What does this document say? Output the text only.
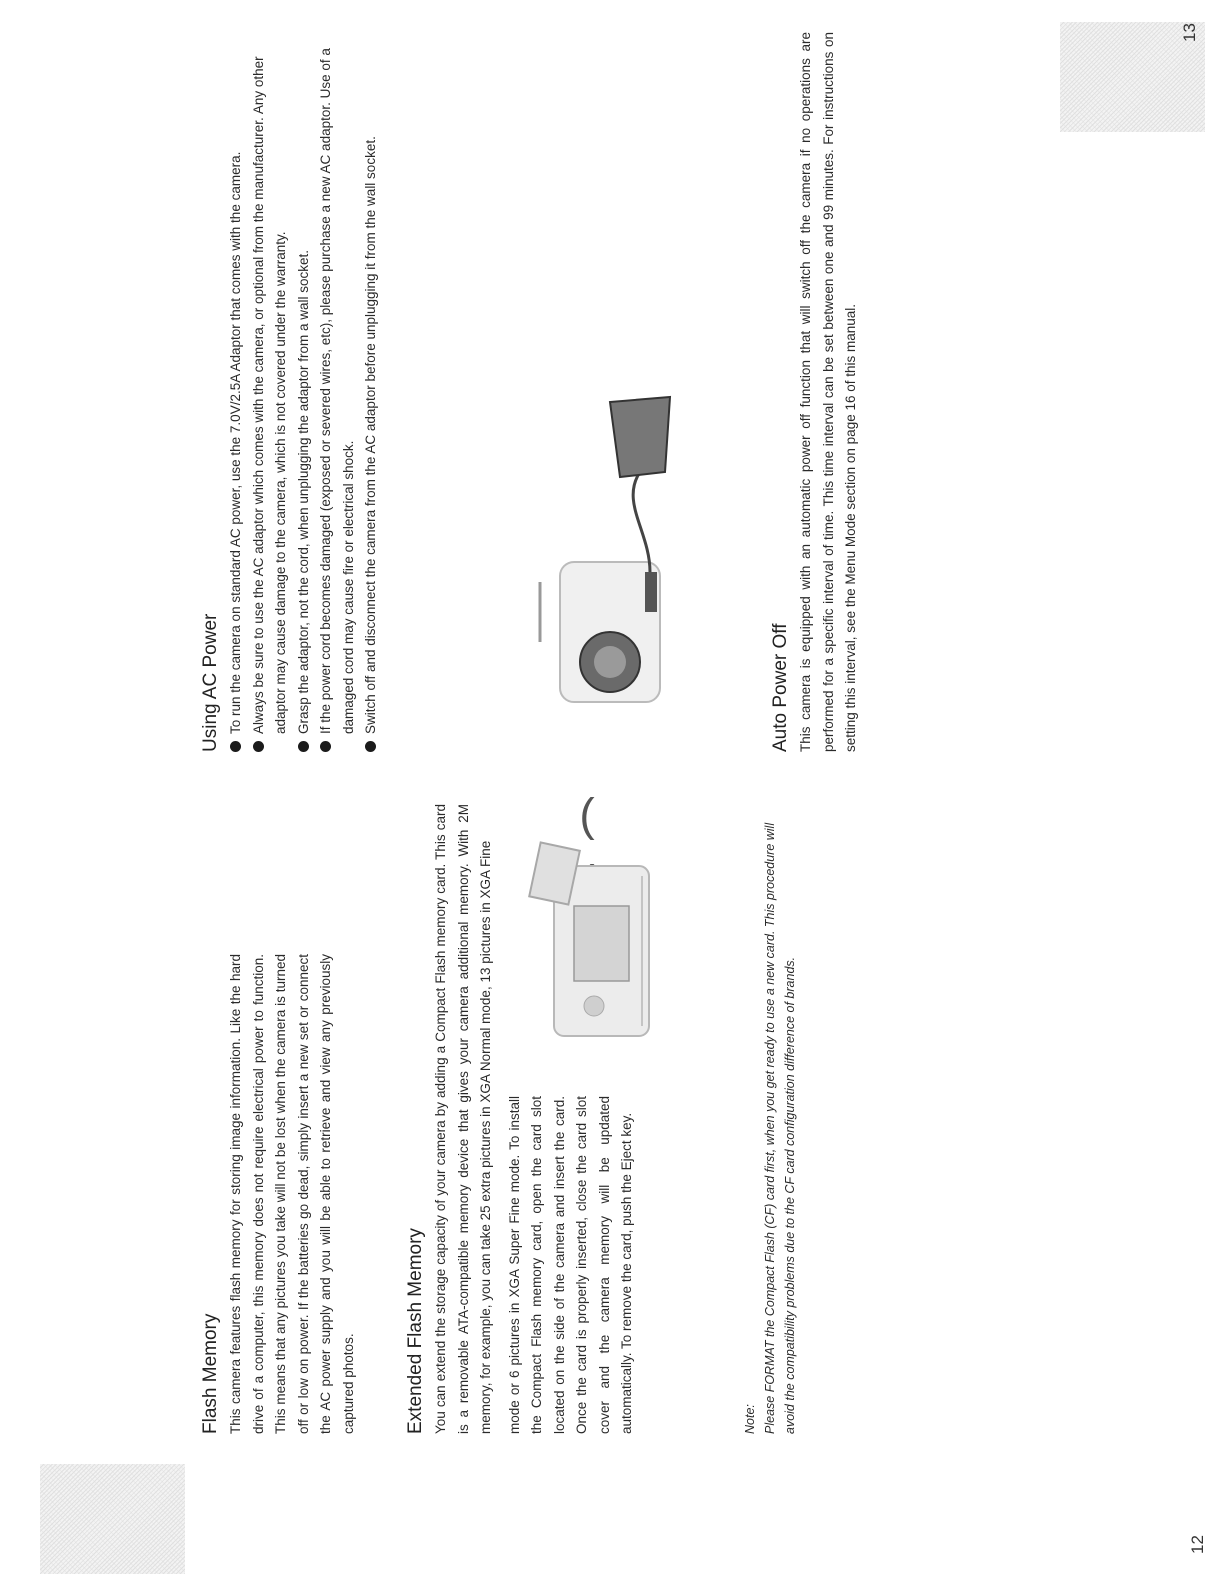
12
Flash Memory This camera features flash memory for storing image information. Like the hard drive of a computer, this memory does not require electrical power to function. This means that any pictures you take will not be lost when the camera is turned off or low on power. If the batteries go dead, simply insert a new set or connect the AC power supply and you will be able to retrieve and view any previously captured photos.	Extended Flash Memory You can extend the storage capacity of your camera by adding a Compact Flash memory card. This card is a removable ATA-compatible memory device that gives your camera additional memory. With 2M memory, for example, you can take 25 extra pictures in XGA Normal mode, 13 pictures in XGA Fine	mode or 6 pictures in XGA Super Fine mode. To install the Compact Flash memory card, open the card slot located on the side of the camera and insert the card. Once the card is properly inserted, close the card slot cover and the camera memory will be updated automatically. To remove the card, push the Eject key.	Note: Please FORMAT the Compact Flash (CF) card first, when you get ready to use a new card. This procedure will avoid the compatibility problems due to the CF card configuration difference of brands.

13
(
Using AC Power To run the camera on standard AC power, use the 7.0V/2.5A Adaptor that comes with the camera. Always be sure to use the AC adaptor which comes with the camera, or optional from the manufacturer. Any other adaptor may cause damage to the camera, which is not covered under the warranty. Grasp the adaptor, not the cord, when unplugging the adaptor from a wall socket. If the power cord becomes damaged (exposed or severed wires, etc), please purchase a new AC adaptor. Use of a damaged cord may cause fire or electrical shock. Switch off and disconnect the camera from the AC adaptor before unplugging it from the wall socket.	Auto Power Off This camera is equipped with an automatic power off function that will switch off the camera if no operations are performed for a specific interval of time. This time interval can be set between one and 99 minutes. For instructions on setting this interval, see the Menu Mode section on page 16 of this manual.
